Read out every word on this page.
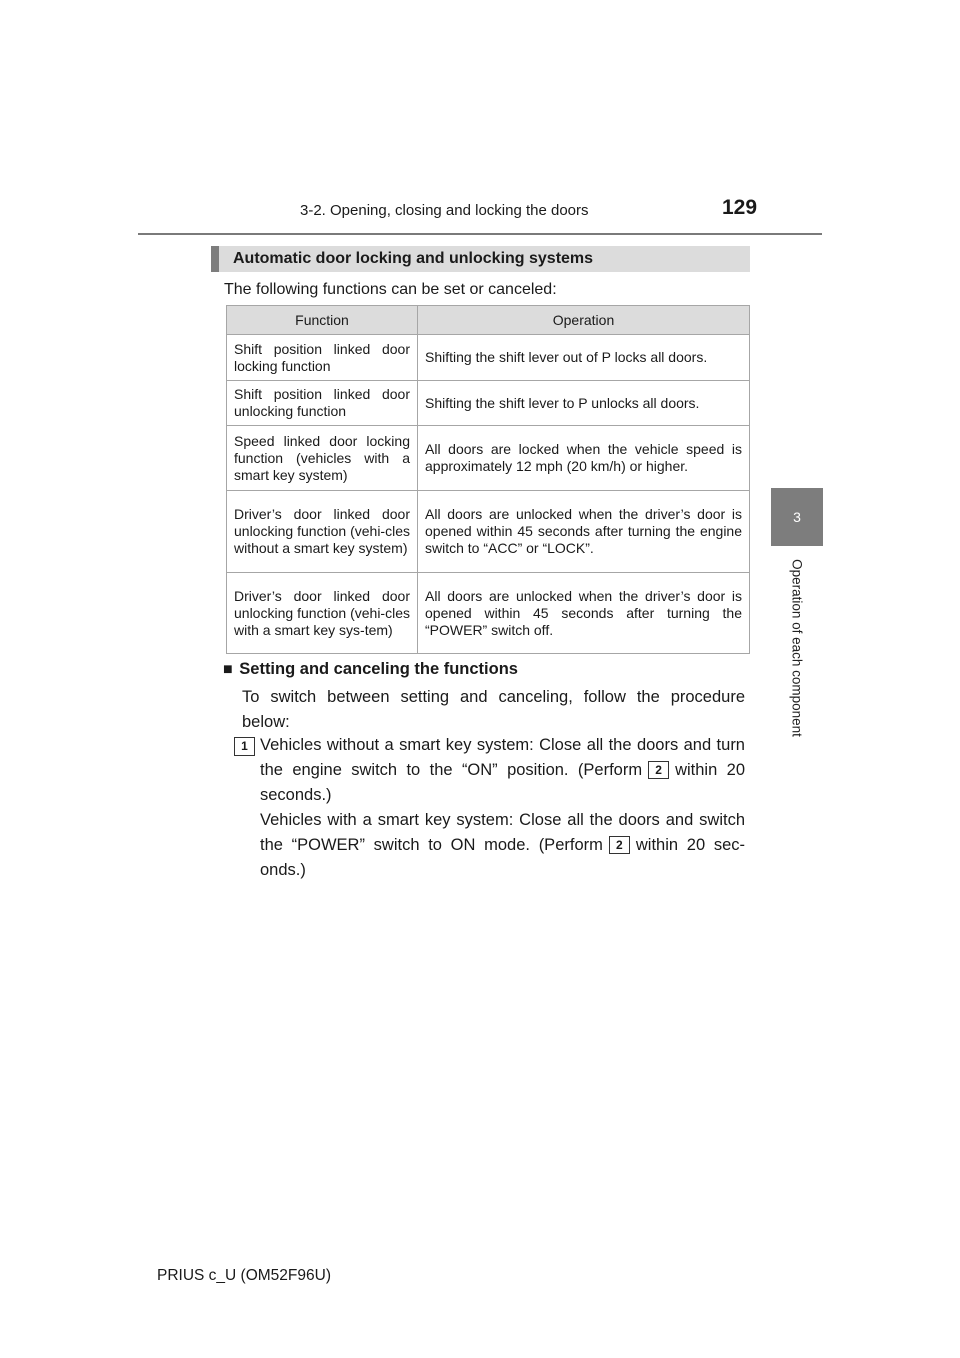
3-2. Opening, closing and locking the doors	129
3
Operation of each component
Automatic door locking and unlocking systems
The following functions can be set or canceled:
Function	Operation
Shift position linked door locking function	Shifting the shift lever out of P locks all doors.
Shift position linked door unlocking function	Shifting the shift lever to P unlocks all doors.
Speed linked door locking function (vehicles with a smart key system)	All doors are locked when the vehicle speed is approximately 12 mph (20 km/h) or higher.
Driver’s door linked door unlocking function (vehi-cles without a smart key system)	All doors are unlocked when the driver’s door is opened within 45 seconds after turning the engine switch to “ACC” or “LOCK”.
Driver’s door linked door unlocking function (vehi-cles with a smart key sys-tem)	All doors are unlocked when the driver’s door is opened within 45 seconds after turning the “POWER” switch off.
■ Setting and canceling the functions
To switch between setting and canceling, follow the procedure below:
1 Vehicles without a smart key system: Close all the doors and turn the engine switch to the “ON” position. (Perform 2 within 20 seconds.)

Vehicles with a smart key system: Close all the doors and switch the “POWER” switch to ON mode. (Perform 2 within 20 sec-onds.)

PRIUS c_U (OM52F96U)
